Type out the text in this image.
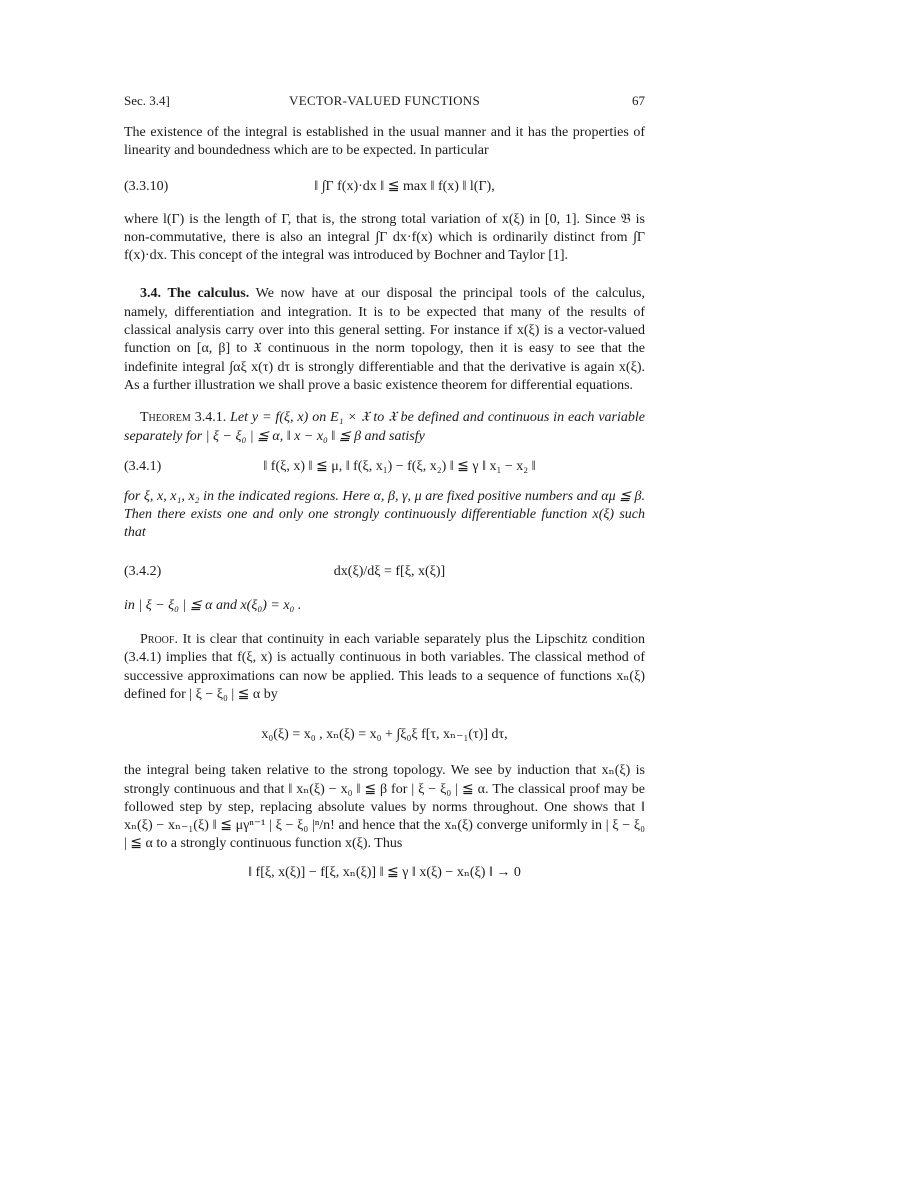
Sec. 3.4]	VECTOR-VALUED FUNCTIONS	67

The existence of the integral is established in the usual manner and it has the properties of linearity and boundedness which are to be expected. In particular

(3.3.10)	‖ ∫Γ f(x)·dx ‖ ≦ max ‖ f(x) ‖ l(Γ),

where l(Γ) is the length of Γ, that is, the strong total variation of x(ξ) in [0, 1]. Since 𝔅 is non-commutative, there is also an integral ∫Γ dx·f(x) which is ordinarily distinct from ∫Γ f(x)·dx. This concept of the integral was introduced by Bochner and Taylor [1].

3.4. The calculus. We now have at our disposal the principal tools of the calculus, namely, differentiation and integration. It is to be expected that many of the results of classical analysis carry over into this general setting. For instance if x(ξ) is a vector-valued function on [α, β] to 𝔛 continuous in the norm topology, then it is easy to see that the indefinite integral ∫αξ x(τ) dτ is strongly differentiable and that the derivative is again x(ξ). As a further illustration we shall prove a basic existence theorem for differential equations.

Theorem 3.4.1. Let y = f(ξ, x) on E₁ × 𝔛 to 𝔛 be defined and continuous in each variable separately for | ξ − ξ₀ | ≦ α, ‖ x − x₀ ‖ ≦ β and satisfy

(3.4.1)	‖ f(ξ, x) ‖ ≦ μ, ‖ f(ξ, x₁) − f(ξ, x₂) ‖ ≦ γ ‖ x₁ − x₂ ‖

for ξ, x, x₁, x₂ in the indicated regions. Here α, β, γ, μ are fixed positive numbers and αμ ≦ β. Then there exists one and only one strongly continuously differentiable function x(ξ) such that

(3.4.2)	dx(ξ)/dξ = f[ξ, x(ξ)]

in | ξ − ξ₀ | ≦ α and x(ξ₀) = x₀ .

Proof. It is clear that continuity in each variable separately plus the Lipschitz condition (3.4.1) implies that f(ξ, x) is actually continuous in both variables. The classical method of successive approximations can now be applied. This leads to a sequence of functions xₙ(ξ) defined for | ξ − ξ₀ | ≦ α by

x₀(ξ) = x₀ , xₙ(ξ) = x₀ + ∫ξ₀ξ f[τ, xₙ₋₁(τ)] dτ,

the integral being taken relative to the strong topology. We see by induction that xₙ(ξ) is strongly continuous and that ‖ xₙ(ξ) − x₀ ‖ ≦ β for | ξ − ξ₀ | ≦ α. The classical proof may be followed step by step, replacing absolute values by norms throughout. One shows that ‖ xₙ(ξ) − xₙ₋₁(ξ) ‖ ≦ μγⁿ⁻¹ | ξ − ξ₀ |ⁿ/n! and hence that the xₙ(ξ) converge uniformly in | ξ − ξ₀ | ≦ α to a strongly continuous function x(ξ). Thus

‖ f[ξ, x(ξ)] − f[ξ, xₙ(ξ)] ‖ ≦ γ ‖ x(ξ) − xₙ(ξ) ‖ → 0
